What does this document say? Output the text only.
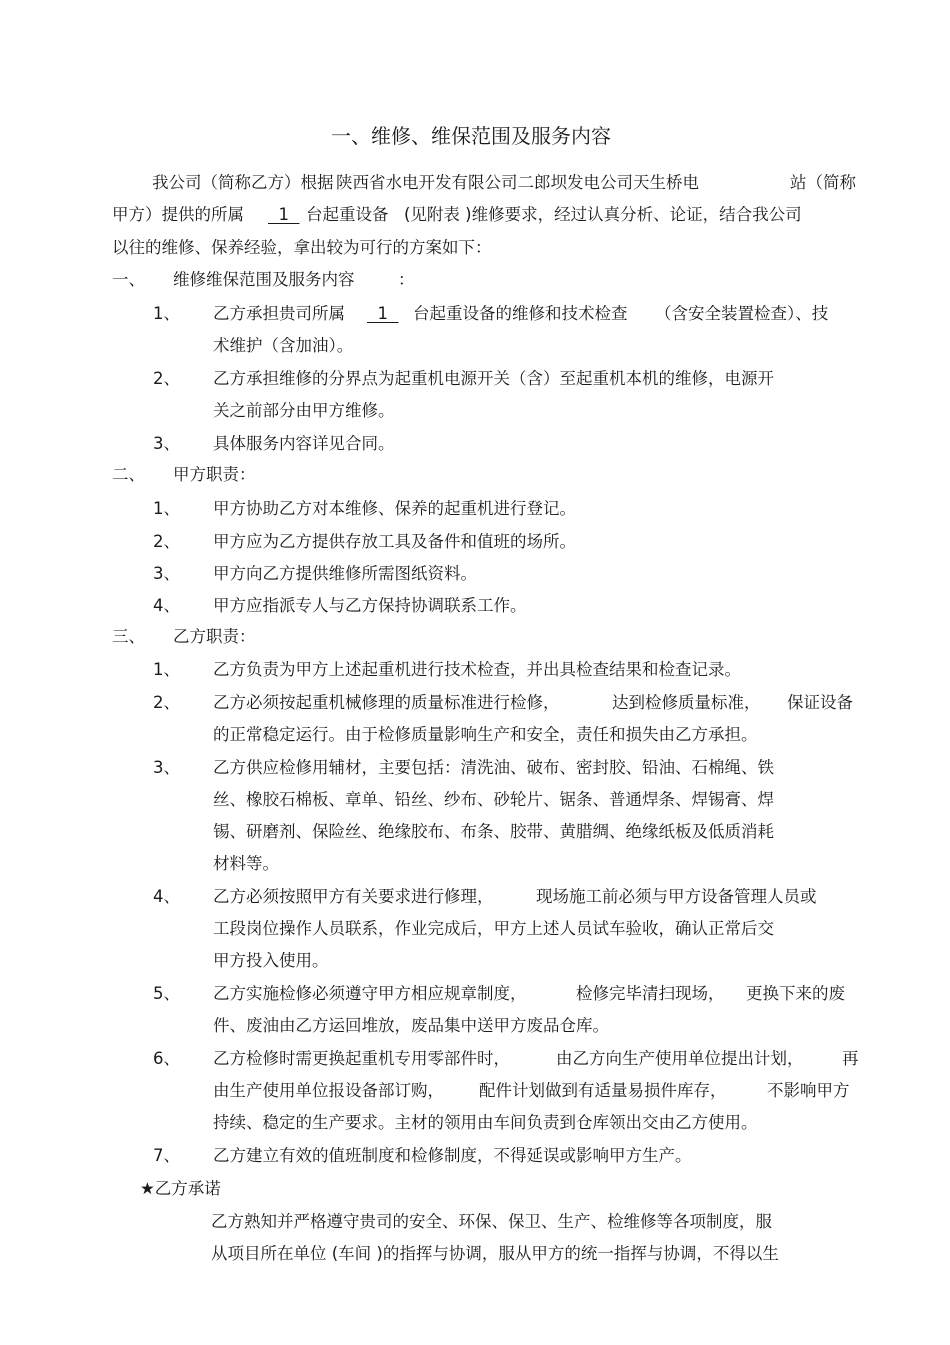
一、维修、维保范围及服务内容
我公司（简称乙方）根据 陕西省水电开发有限公司二郎坝发电公司天生桥电	站（简称
甲方）提供的所属 1 台起重设备 (见附表 )维修要求，经过认真分析、论证，结合我公司
以往的维修、保养经验，拿出较为可行的方案如下：
一、 维修维保范围及服务内容	：
1、 乙方承担贵司所属 1 台起重设备的维修和技术检查 （含安全装置检查）、技
术维护（含加油）。
2、 乙方承担维修的分界点为起重机电源开关（含）至起重机本机的维修，电源开
关之前部分由甲方维修。
3、 具体服务内容详见合同。
二、 甲方职责：
1、 甲方协助乙方对本维修、保养的起重机进行登记。
2、 甲方应为乙方提供存放工具及备件和值班的场所。
3、 甲方向乙方提供维修所需图纸资料。
4、 甲方应指派专人与乙方保持协调联系工作。
三、 乙方职责：
1、 乙方负责为甲方上述起重机进行技术检查，并出具检查结果和检查记录。
2、 乙方必须按起重机械修理的质量标准进行检修，	达到检修质量标准， 保证设备
的正常稳定运行。由于检修质量影响生产和安全，责任和损失由乙方承担。
3、 乙方供应检修用辅材，主要包括：清洗油、破布、密封胶、铅油、石棉绳、铁
丝、橡胶石棉板、章单、铅丝、纱布、砂轮片、锯条、普通焊条、焊锡膏、焊
锡、研磨剂、保险丝、绝缘胶布、布条、胶带、黄腊绸、绝缘纸板及低质消耗
材料等。
4、 乙方必须按照甲方有关要求进行修理，	现场施工前必须与甲方设备管理人员或
工段岗位操作人员联系，作业完成后，甲方上述人员试车验收，确认正常后交
甲方投入使用。
5、 乙方实施检修必须遵守甲方相应规章制度，	检修完毕清扫现场， 更换下来的废
件、废油由乙方运回堆放，废品集中送甲方废品仓库。
6、 乙方检修时需更换起重机专用零部件时，	由乙方向生产使用单位提出计划， 再
由生产使用单位报设备部订购， 配件计划做到有适量易损件库存， 不影响甲方
持续、稳定的生产要求。主材的领用由车间负责到仓库领出交由乙方使用。
7、 乙方建立有效的值班制度和检修制度，不得延误或影响甲方生产。
★乙方承诺
乙方熟知并严格遵守贵司的安全、环保、保卫、生产、检维修等各项制度，服
从项目所在单位 (车间 )的指挥与协调，服从甲方的统一指挥与协调，不得以生
